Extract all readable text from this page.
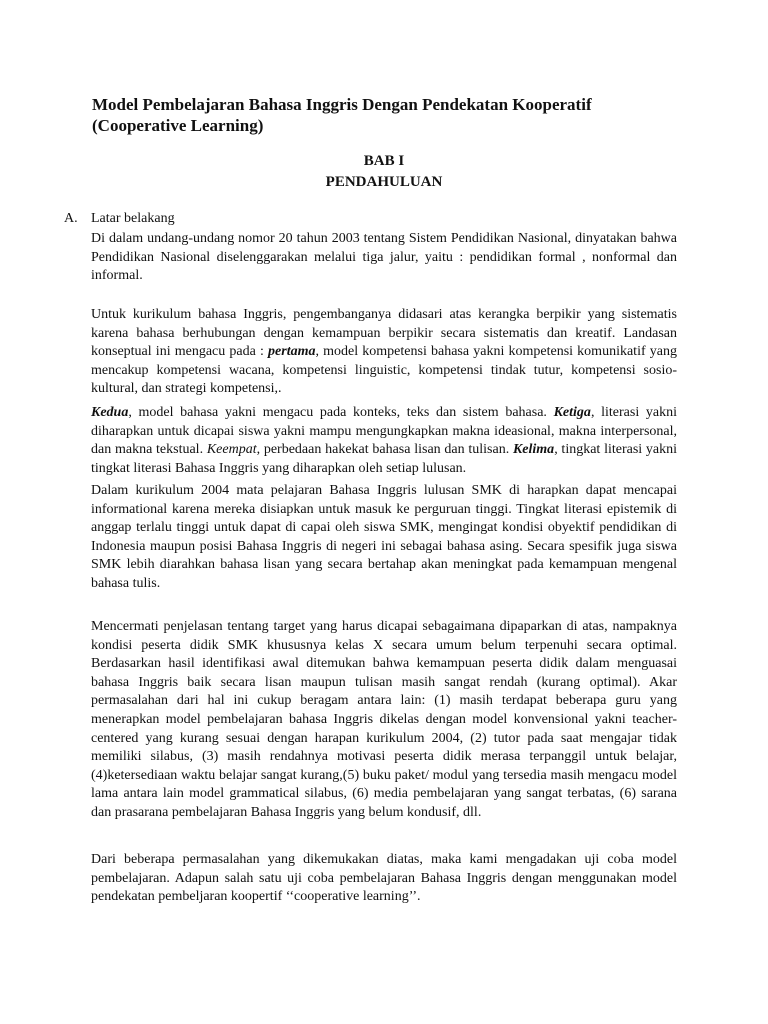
Model Pembelajaran Bahasa Inggris Dengan Pendekatan Kooperatif
(Cooperative Learning)
BAB I
PENDAHULUAN
A. Latar belakang

Di dalam undang-undang nomor 20 tahun 2003 tentang Sistem Pendidikan Nasional, dinyatakan bahwa Pendidikan Nasional diselenggarakan melalui tiga jalur, yaitu : pendidikan formal , nonformal dan informal.

Untuk kurikulum bahasa Inggris, pengembanganya didasari atas kerangka berpikir yang sistematis karena bahasa berhubungan dengan kemampuan berpikir secara sistematis dan kreatif. Landasan konseptual ini mengacu pada : pertama, model kompetensi bahasa yakni kompetensi komunikatif yang mencakup kompetensi wacana, kompetensi linguistic, kompetensi tindak tutur, kompetensi sosio-kultural, dan strategi kompetensi,.

Kedua, model bahasa yakni mengacu pada konteks, teks dan sistem bahasa. Ketiga, literasi yakni diharapkan untuk dicapai siswa yakni mampu mengungkapkan makna ideasional, makna interpersonal, dan makna tekstual. Keempat, perbedaan hakekat bahasa lisan dan tulisan. Kelima, tingkat literasi yakni tingkat literasi Bahasa Inggris yang diharapkan oleh setiap lulusan.

Dalam kurikulum 2004 mata pelajaran Bahasa Inggris lulusan SMK di harapkan dapat mencapai informational karena mereka disiapkan untuk masuk ke perguruan tinggi. Tingkat literasi epistemik di anggap terlalu tinggi untuk dapat di capai oleh siswa SMK, mengingat kondisi obyektif pendidikan di Indonesia maupun posisi Bahasa Inggris di negeri ini sebagai bahasa asing. Secara spesifik juga siswa SMK lebih diarahkan bahasa lisan yang secara bertahap akan meningkat pada kemampuan mengenal bahasa tulis.

Mencermati penjelasan tentang target yang harus dicapai sebagaimana dipaparkan di atas, nampaknya kondisi peserta didik SMK khususnya kelas X secara umum belum terpenuhi secara optimal. Berdasarkan hasil identifikasi awal ditemukan bahwa kemampuan peserta didik dalam menguasai bahasa Inggris baik secara lisan maupun tulisan masih sangat rendah (kurang optimal). Akar permasalahan dari hal ini cukup beragam antara lain: (1) masih terdapat beberapa guru yang menerapkan model pembelajaran bahasa Inggris dikelas dengan model konvensional yakni teacher-centered yang kurang sesuai dengan harapan kurikulum 2004, (2) tutor pada saat mengajar tidak memiliki silabus, (3) masih rendahnya motivasi peserta didik merasa terpanggil untuk belajar,(4)ketersediaan waktu belajar sangat kurang,(5) buku paket/ modul yang tersedia masih mengacu model lama antara lain model grammatical silabus, (6) media pembelajaran yang sangat terbatas, (6) sarana dan prasarana pembelajaran Bahasa Inggris yang belum kondusif, dll.

Dari beberapa permasalahan yang dikemukakan diatas, maka kami mengadakan uji coba model pembelajaran. Adapun salah satu uji coba pembelajaran Bahasa Inggris dengan menggunakan model pendekatan pembeljaran koopertif ‘‘cooperative learning’’.
